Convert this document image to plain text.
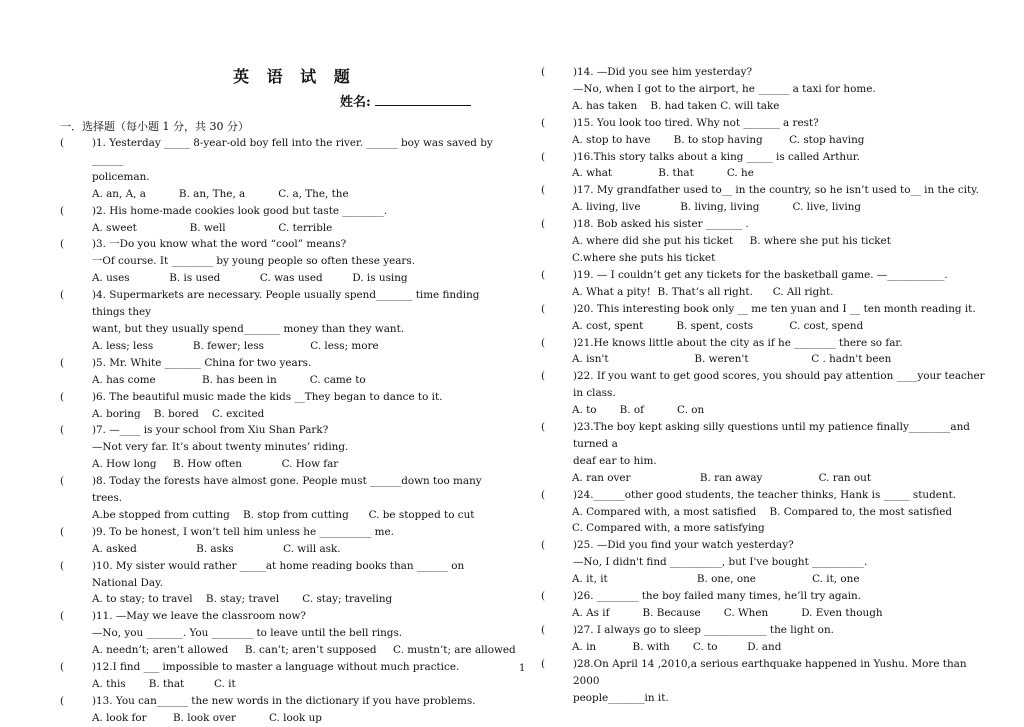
英 语 试 题
姓名:
一．选择题（每小题 1 分，共 30 分）
(	)1. Yesterday _____ 8-year-old boy fell into the river. ______ boy was saved by ______
policeman.
A. an, A, a          B. an, The, a          C. a, The, the
(	)2. His home-made cookies look good but taste ________.
A. sweet                B. well                C. terrible
(	)3. 一Do you know what the word “cool” means?
一Of course. It ________ by young people so often these years.
A. uses            B. is used            C. was used         D. is using
(	)4. Supermarkets are necessary. People usually spend_______ time finding things they
want, but they usually spend_______ money than they want.
A. less; less            B. fewer; less              C. less; more
(	)5. Mr. White _______ China for two years.
A. has come              B. has been in          C. came to
(	)6. The beautiful music made the kids __They began to dance to it.
A. boring    B. bored    C. excited
(	)7. —____ is your school from Xiu Shan Park?
—Not very far. It’s about twenty minutes’ riding.
A. How long     B. How often            C. How far
(	)8. Today the forests have almost gone. People must ______down too many trees.
A.be stopped from cutting    B. stop from cutting      C. be stopped to cut
(	)9. To be honest, I won’t tell him unless he __________ me.
A. asked                  B. asks               C. will ask.
(	)10. My sister would rather _____at home reading books than ______ on National Day.
A. to stay; to travel    B. stay; travel       C. stay; traveling
(	)11. —May we leave the classroom now?
—No, you _______. You ________ to leave until the bell rings.
A. needn’t; aren’t allowed     B. can’t; aren’t supposed     C. mustn’t; are allowed
(	)12.I find ___ impossible to master a language without much practice.
A. this       B. that         C. it
(	)13. You can______ the new words in the dictionary if you have problems.
A. look for        B. look over          C. look up
(	)14. —Did you see him yesterday?
—No, when I got to the airport, he ______ a taxi for home.
A. has taken    B. had taken C. will take
(	)15. You look too tired. Why not _______ a rest?
A. stop to have       B. to stop having        C. stop having
(	)16.This story talks about a king _____ is called Arthur.
A. what              B. that          C. he
(	)17. My grandfather used to__ in the country, so he isn’t used to__ in the city.
A. living, live            B. living, living          C. live, living
(	)18. Bob asked his sister _______ .
A. where did she put his ticket     B. where she put his ticket
C.where she puts his ticket
(	)19. — I couldn’t get any tickets for the basketball game. —___________.
A. What a pity!  B. That’s all right.      C. All right.
(	)20. This interesting book only __ me ten yuan and I __ ten month reading it.
A. cost, spent          B. spent, costs           C. cost, spend
(	)21.He knows little about the city as if he ________ there so far.
A. isn't                          B. weren't                   C . hadn't been
(	)22. If you want to get good scores, you should pay attention ____your teacher in class.
A. to       B. of          C. on
(	)23.The boy kept asking silly questions until my patience finally________and turned a
deaf ear to him.
A. ran over                     B. ran away                 C. ran out
(	)24.______other good students, the teacher thinks, Hank is _____ student.
A. Compared with, a most satisfied    B. Compared to, the most satisfied
C. Compared with, a more satisfying
(	)25. —Did you find your watch yesterday?
—No, I didn't find __________, but I've bought __________.
A. it, it                           B. one, one                 C. it, one
(	)26. ________ the boy failed many times, he’ll try again.
A. As if          B. Because       C. When          D. Even though
(	)27. I always go to sleep ____________ the light on.
A. in           B. with       C. to         D. and
(	)28.On April 14 ,2010,a serious earthquake happened in Yushu. More than 2000
people_______in it.
1
